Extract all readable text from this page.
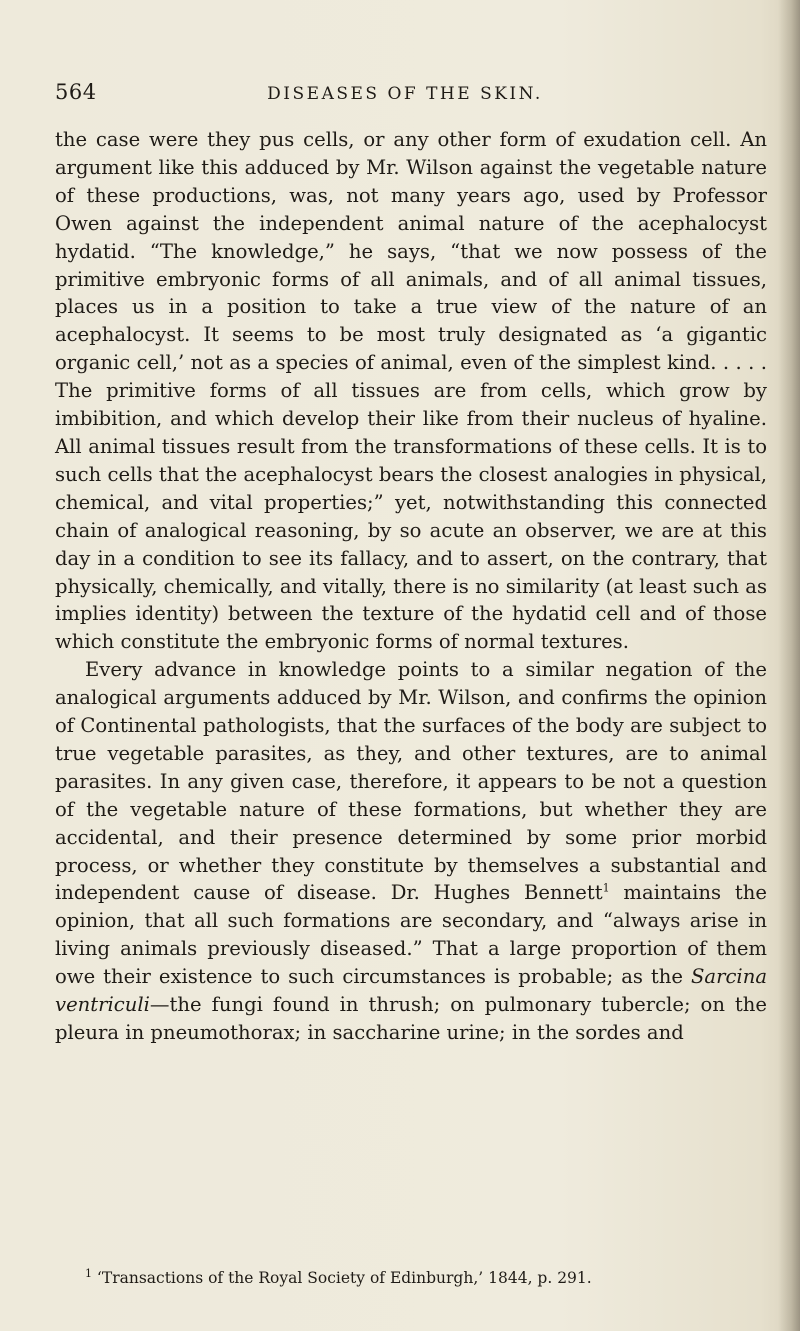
564	DISEASES OF THE SKIN.

the case were they pus cells, or any other form of exudation cell. An argument like this adduced by Mr. Wilson against the vegetable nature of these productions, was, not many years ago, used by Professor Owen against the independent animal nature of the acephalocyst hydatid. “The knowledge,” he says, “that we now possess of the primitive embryonic forms of all animals, and of all animal tissues, places us in a position to take a true view of the nature of an acephalocyst. It seems to be most truly designated as ‘a gigantic organic cell,’ not as a species of animal, even of the simplest kind. . . . . The primitive forms of all tissues are from cells, which grow by imbibition, and which develop their like from their nucleus of hyaline. All animal tissues result from the transformations of these cells. It is to such cells that the acephalocyst bears the closest analogies in physical, chemical, and vital properties;” yet, notwithstanding this connected chain of analogical reasoning, by so acute an observer, we are at this day in a condition to see its fallacy, and to assert, on the contrary, that physically, chemically, and vitally, there is no similarity (at least such as implies identity) between the texture of the hydatid cell and of those which constitute the embryonic forms of normal textures.

Every advance in knowledge points to a similar negation of the analogical arguments adduced by Mr. Wilson, and confirms the opinion of Continental pathologists, that the surfaces of the body are subject to true vegetable parasites, as they, and other textures, are to animal parasites. In any given case, therefore, it appears to be not a question of the vegetable nature of these formations, but whether they are accidental, and their presence determined by some prior morbid process, or whether they constitute by themselves a substantial and independent cause of disease. Dr. Hughes Bennett$^1$ maintains the opinion, that all such formations are secondary, and “always arise in living animals previously diseased.” That a large proportion of them owe their existence to such circumstances is probable; as the Sarcina ventriculi—the fungi found in thrush; on pulmonary tubercle; on the pleura in pneumothorax; in saccharine urine; in the sordes and

$^1$ ‘Transactions of the Royal Society of Edinburgh,’ 1844, p. 291.
